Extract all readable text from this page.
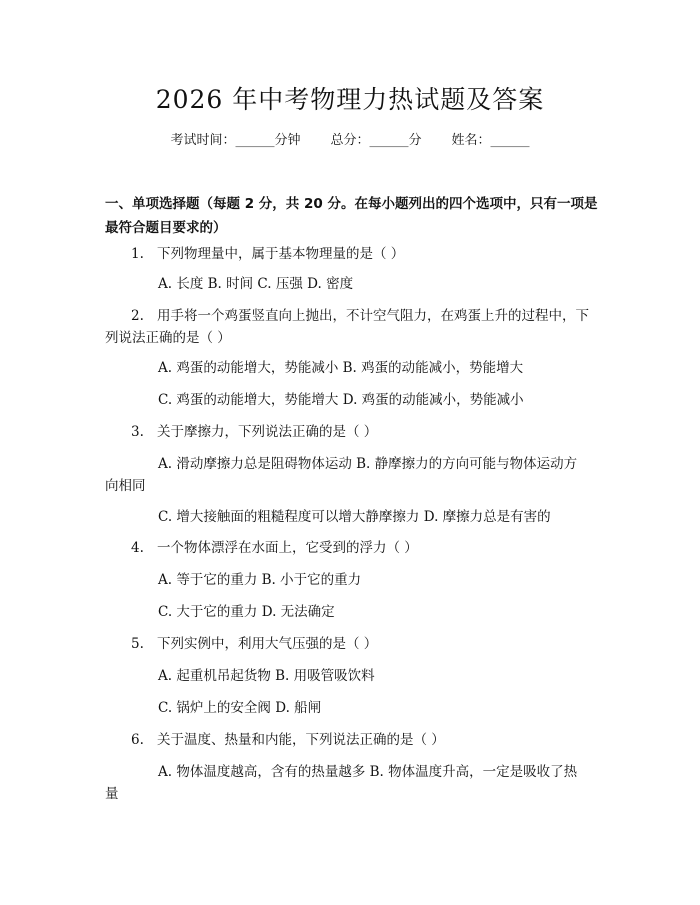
2026 年中考物理力热试题及答案
考试时间：______分钟 总分：______分 姓名：______
一、单项选择题（每题 2 分，共 20 分。在每小题列出的四个选项中，只有一项是最符合题目要求的）
1. 下列物理量中，属于基本物理量的是（ ）
A. 长度 B. 时间 C. 压强 D. 密度
2. 用手将一个鸡蛋竖直向上抛出，不计空气阻力，在鸡蛋上升的过程中，下
列说法正确的是（ ）
A. 鸡蛋的动能增大，势能减小 B. 鸡蛋的动能减小，势能增大
C. 鸡蛋的动能增大，势能增大 D. 鸡蛋的动能减小，势能减小
3. 关于摩擦力，下列说法正确的是（ ）
A. 滑动摩擦力总是阻碍物体运动 B. 静摩擦力的方向可能与物体运动方
向相同
C. 增大接触面的粗糙程度可以增大静摩擦力 D. 摩擦力总是有害的
4. 一个物体漂浮在水面上，它受到的浮力（ ）
A. 等于它的重力 B. 小于它的重力
C. 大于它的重力 D. 无法确定
5. 下列实例中，利用大气压强的是（ ）
A. 起重机吊起货物 B. 用吸管吸饮料
C. 锅炉上的安全阀 D. 船闸
6. 关于温度、热量和内能，下列说法正确的是（ ）
A. 物体温度越高，含有的热量越多 B. 物体温度升高，一定是吸收了热
量
